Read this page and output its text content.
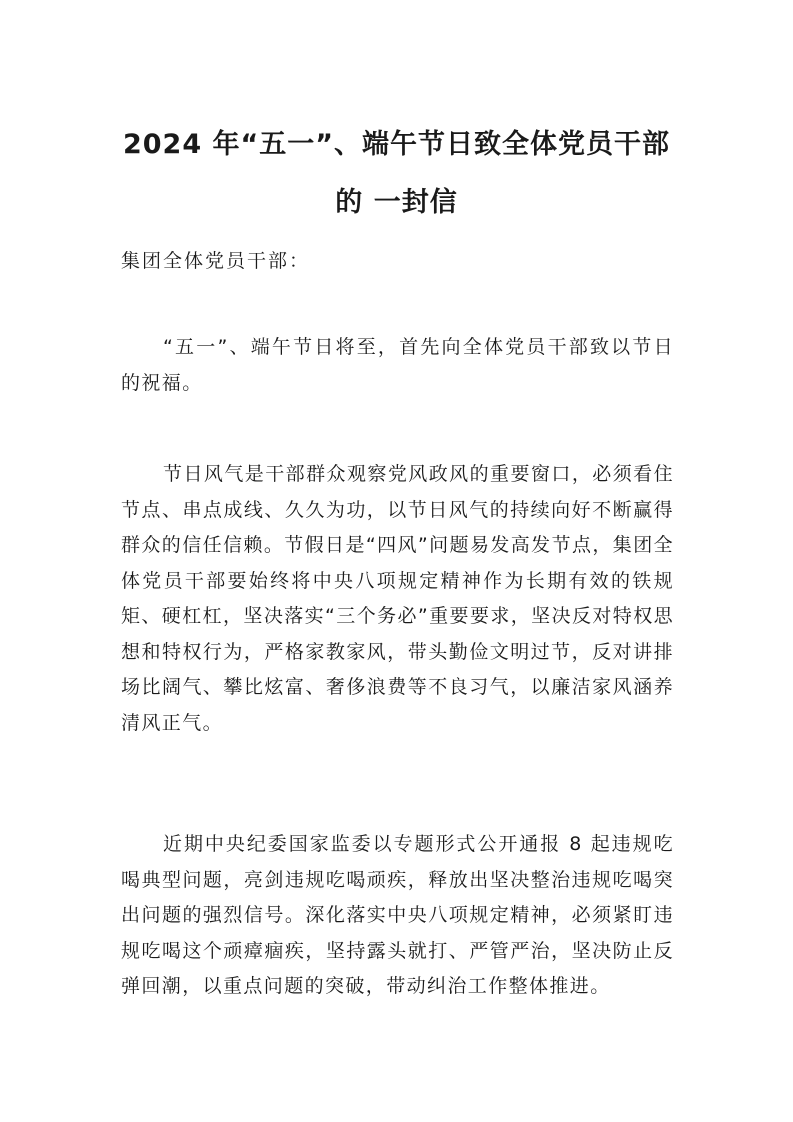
2024 年“五一”、端午节日致全体党员干部
的 一封信

集团全体党员干部：

“五一”、端午节日将至，首先向全体党员干部致以节日的祝福。

节日风气是干部群众观察党风政风的重要窗口，必须看住节点、串点成线、久久为功，以节日风气的持续向好不断赢得群众的信任信赖。节假日是“四风”问题易发高发节点，集团全体党员干部要始终将中央八项规定精神作为长期有效的铁规矩、硬杠杠，坚决落实“三个务必”重要要求，坚决反对特权思想和特权行为，严格家教家风，带头勤俭文明过节，反对讲排场比阔气、攀比炫富、奢侈浪费等不良习气，以廉洁家风涵养清风正气。

近期中央纪委国家监委以专题形式公开通报 8 起违规吃喝典型问题，亮剑违规吃喝顽疾，释放出坚决整治违规吃喝突出问题的强烈信号。深化落实中央八项规定精神，必须紧盯违规吃喝这个顽瘴痼疾，坚持露头就打、严管严治，坚决防止反弹回潮，以重点问题的突破，带动纠治工作整体推进。
